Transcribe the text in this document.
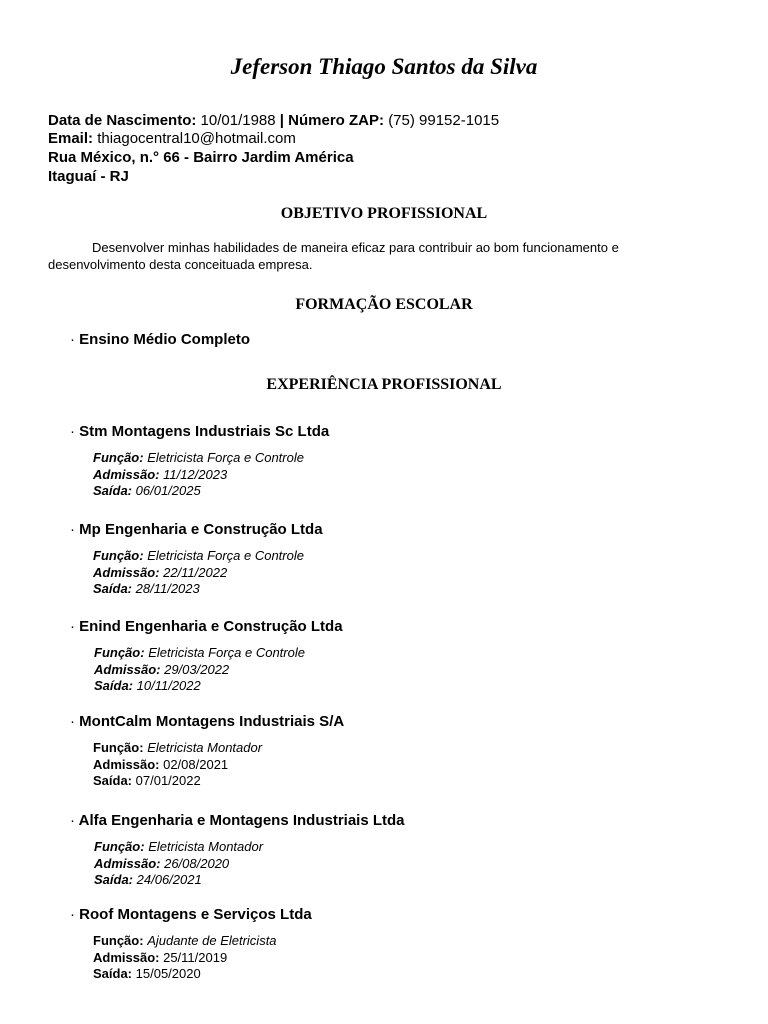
Jeferson Thiago Santos da Silva
Data de Nascimento: 10/01/1988 | Número ZAP: (75) 99152-1015
Email: thiagocentral10@hotmail.com
Rua México, n.° 66 - Bairro Jardim América
Itaguaí - RJ
OBJETIVO PROFISSIONAL
Desenvolver minhas habilidades de maneira eficaz para contribuir ao bom funcionamento e desenvolvimento desta conceituada empresa.
FORMAÇÃO ESCOLAR
· Ensino Médio Completo
EXPERIÊNCIA PROFISSIONAL
· Stm Montagens Industriais Sc Ltda
Função: Eletricista Força e Controle
Admissão: 11/12/2023
Saída: 06/01/2025
· Mp Engenharia e Construção Ltda
Função: Eletricista Força e Controle
Admissão: 22/11/2022
Saída: 28/11/2023
· Enind Engenharia e Construção Ltda
Função: Eletricista Força e Controle
Admissão: 29/03/2022
Saída: 10/11/2022
· MontCalm Montagens Industriais S/A
Função: Eletricista Montador
Admissão: 02/08/2021
Saída: 07/01/2022
· Alfa Engenharia e Montagens Industriais Ltda
Função: Eletricista Montador
Admissão: 26/08/2020
Saída: 24/06/2021
· Roof Montagens e Serviços Ltda
Função: Ajudante de Eletricista
Admissão: 25/11/2019
Saída: 15/05/2020
